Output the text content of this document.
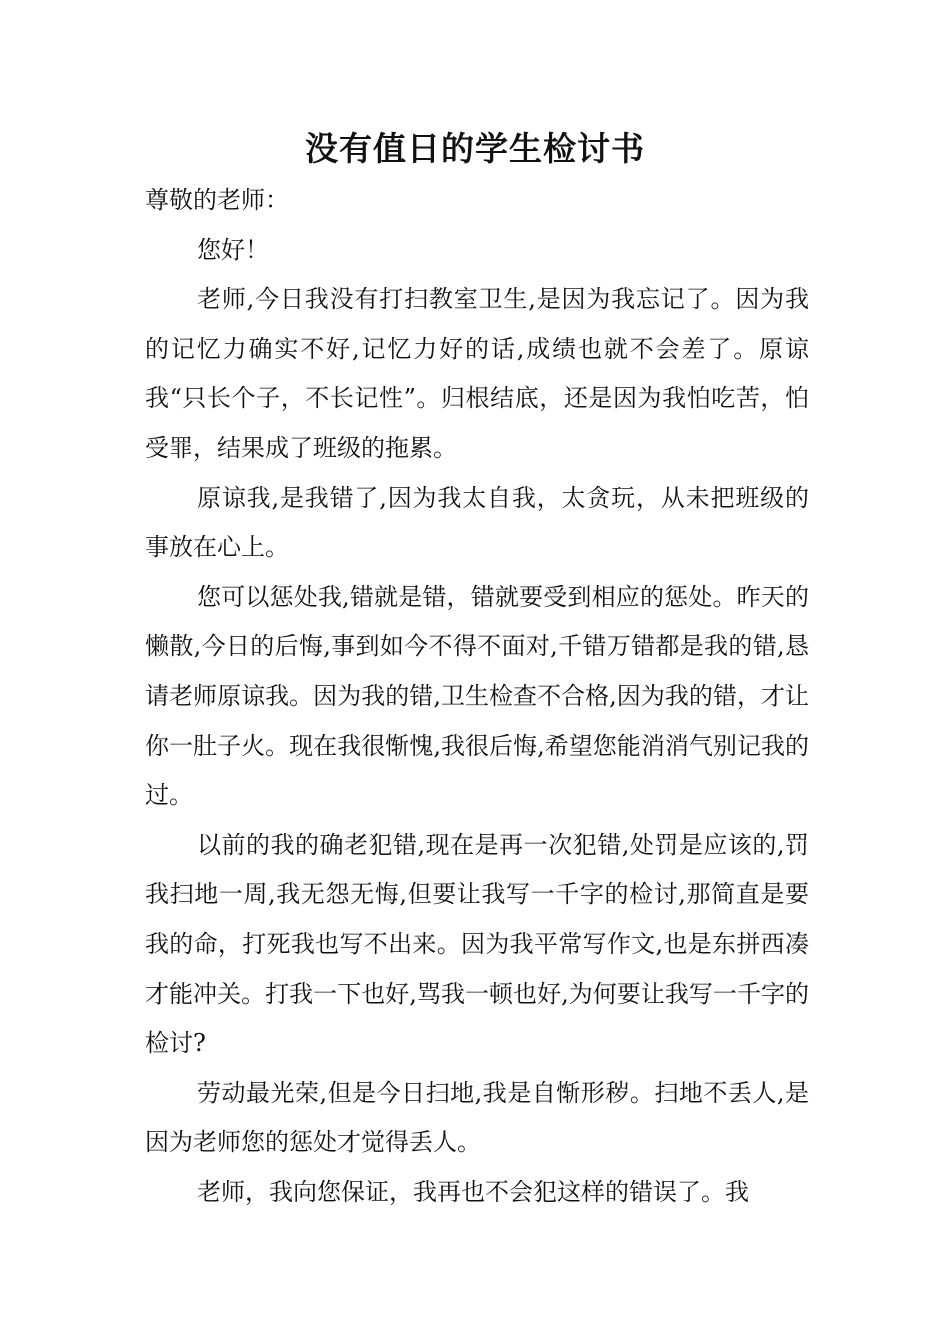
没有值日的学生检讨书

尊敬的老师：

您好！

老师,今日我没有打扫教室卫生,是因为我忘记了。因为我的记忆力确实不好,记忆力好的话,成绩也就不会差了。原谅我“只长个子，不长记性”。归根结底，还是因为我怕吃苦，怕受罪，结果成了班级的拖累。

原谅我,是我错了,因为我太自我，太贪玩，从未把班级的事放在心上。

您可以惩处我,错就是错，错就要受到相应的惩处。昨天的懒散,今日的后悔,事到如今不得不面对,千错万错都是我的错,恳请老师原谅我。因为我的错,卫生检查不合格,因为我的错，才让你一肚子火。现在我很惭愧,我很后悔,希望您能消消气别记我的过。

以前的我的确老犯错,现在是再一次犯错,处罚是应该的,罚我扫地一周,我无怨无悔,但要让我写一千字的检讨,那简直是要我的命，打死我也写不出来。因为我平常写作文,也是东拼西凑才能冲关。打我一下也好,骂我一顿也好,为何要让我写一千字的检讨?

劳动最光荣,但是今日扫地,我是自惭形秽。扫地不丢人,是因为老师您的惩处才觉得丢人。

老师，我向您保证，我再也不会犯这样的错误了。我
